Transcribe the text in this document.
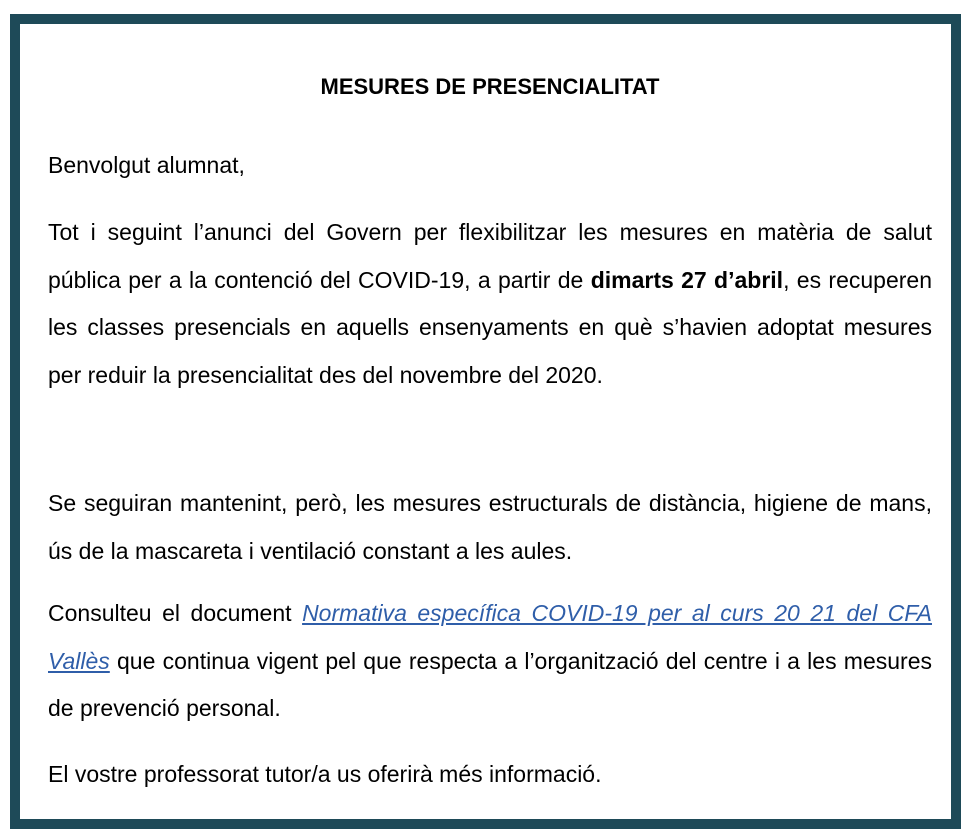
MESURES DE PRESENCIALITAT

Benvolgut alumnat,

Tot i seguint l’anunci del Govern per flexibilitzar les mesures en matèria de salut pública per a la contenció del COVID-19, a partir de dimarts 27 d’abril, es recuperen les classes presencials en aquells ensenyaments en què s’havien adoptat mesures per reduir la presencialitat des del novembre del 2020.

Se seguiran mantenint, però, les mesures estructurals de distància, higiene de mans, ús de la mascareta i ventilació constant a les aules.

Consulteu el document Normativa específica COVID-19 per al curs 20 21 del CFA Vallès que continua vigent pel que respecta a l’organització del centre i a les mesures de prevenció personal.

El vostre professorat tutor/a us oferirà més informació.
